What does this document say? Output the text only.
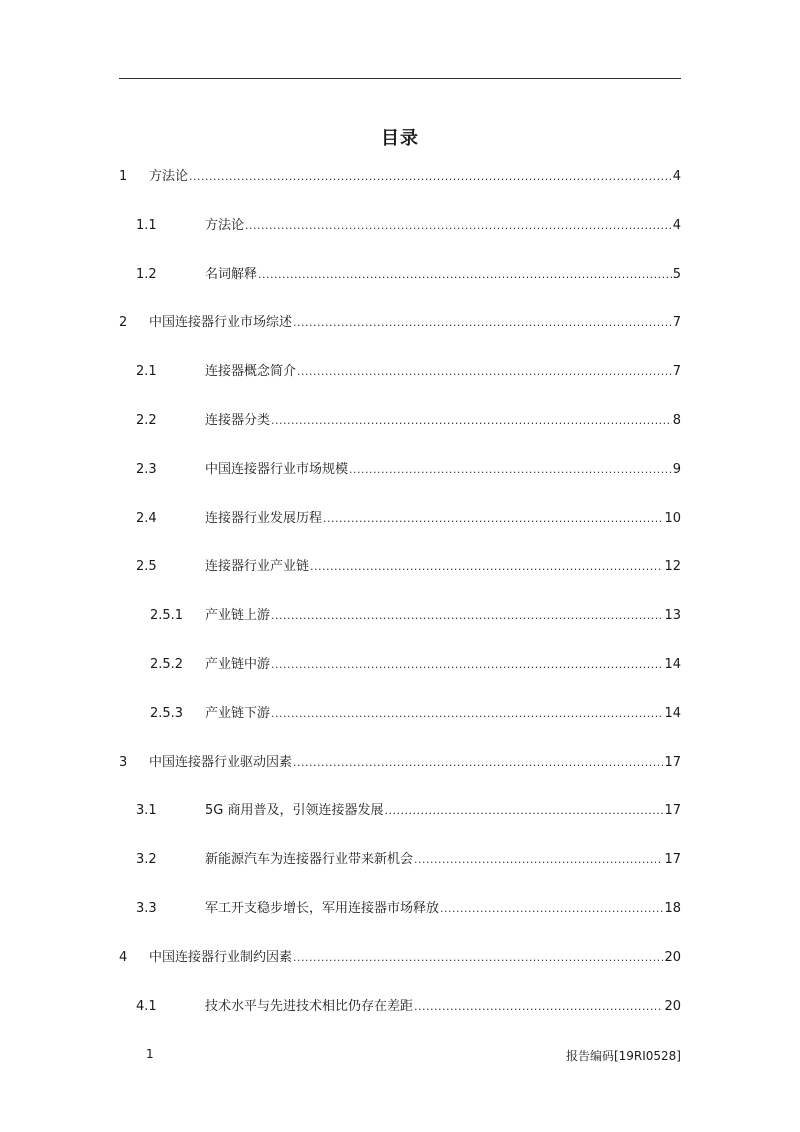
目录
1	方法论 .....	4
1.1	方法论 .....	4
1.2	名词解释 .....	5
2	中国连接器行业市场综述 .....	7
2.1	连接器概念简介 .....	7
2.2	连接器分类 .....	8
2.3	中国连接器行业市场规模 .....	9
2.4	连接器行业发展历程 .....	10
2.5	连接器行业产业链 .....	12
2.5.1	产业链上游 .....	13
2.5.2	产业链中游 .....	14
2.5.3	产业链下游 .....	14
3	中国连接器行业驱动因素 .....	17
3.1	5G 商用普及，引领连接器发展 .....	17
3.2	新能源汽车为连接器行业带来新机会 .....	17
3.3	军工开支稳步增长，军用连接器市场释放 .....	18
4	中国连接器行业制约因素 .....	20
4.1	技术水平与先进技术相比仍存在差距 .....	20
1	报告编码[19RI0528]
